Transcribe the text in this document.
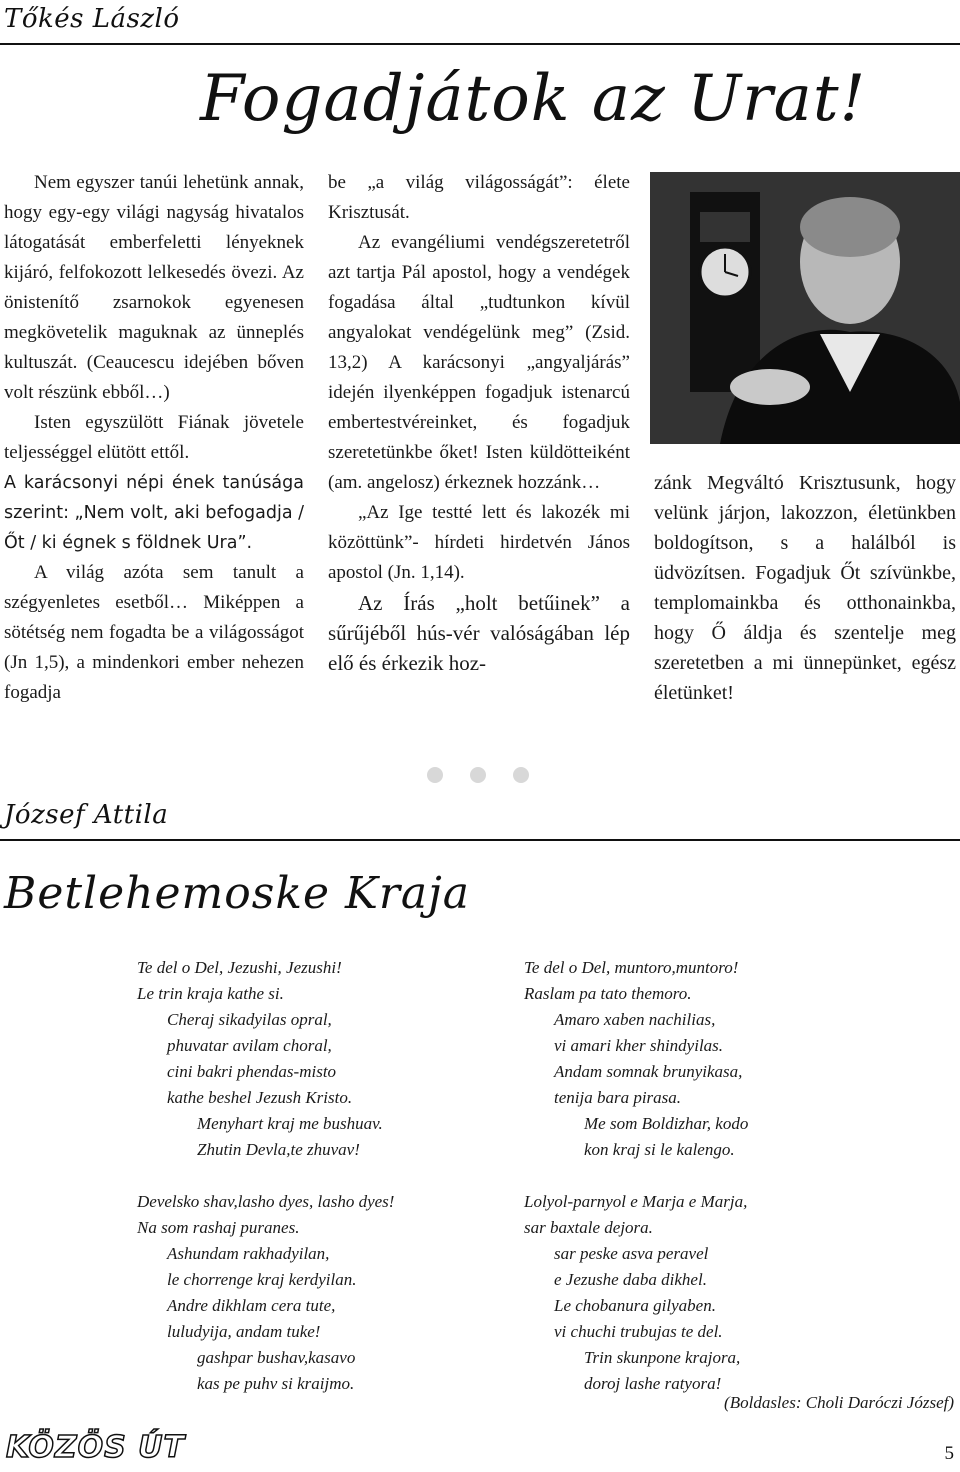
Tőkés László
Fogadjátok az Urat!

Nem egyszer tanúi lehetünk annak, hogy egy-egy világi nagyság hivatalos látogatását emberfeletti lényeknek kijáró, felfokozott lelkesedés övezi. Az önistenítő zsarnokok egyenesen megkövetelik maguknak az ünneplés kultuszát. (Ceaucescu idejében bőven volt részünk ebből…)

Isten egyszülött Fiának jövetele teljességgel elütött ettől.

A karácsonyi népi ének tanúsága szerint: „Nem volt, aki befogadja / Őt / ki égnek s földnek Ura”.

A világ azóta sem tanult a szégyenletes esetből… Miképpen a sötétség nem fogadta be a világosságot (Jn 1,5), a mindenkori ember nehezen fogadja

be „a világ világosságát”: élete Krisztusát.

Az evangéliumi vendégszeretetről azt tartja Pál apostol, hogy a vendégek fogadása által „tudtunkon kívül angyalokat vendégelünk meg” (Zsid. 13,2) A karácsonyi „angyaljárás” idején ilyenképpen fogadjuk istenarcú embertestvéreinket, és fogadjuk szeretetünkbe őket! Isten küldötteiként (am. angelosz) érkeznek hozzánk…

„Az Ige testté lett és lakozék mi közöttünk”- hírdeti hirdetvén János apostol (Jn. 1,14).

Az Írás „holt betűinek” a sűrűjéből hús-vér valóságában lép elő és érkezik hoz-

zánk Megváltó Krisztusunk, hogy velünk járjon, lakozzon, életünkben boldogítson, s a halálból is üdvözítsen. Fogadjuk Őt szívünkbe, templomainkba és otthonainkba, hogy Ő áldja és szentelje meg szeretetben a mi ünnepünket, egész életünket!

József Attila
Betlehemoske Kraja
Te del o Del, Jezushi, Jezushi!
Le trin kraja kathe si.
Cheraj sikadyilas opral,
phuvatar avilam choral,
cini bakri phendas-misto
kathe beshel Jezush Kristo.
Menyhart kraj me bushuav.
Zhutin Devla,te zhuvav!

Develsko shav,lasho dyes, lasho dyes!
Na som rashaj puranes.
Ashundam rakhadyilan,
le chorrenge kraj kerdyilan.
Andre dikhlam cera tute,
luludyija, andam tuke!
gashpar bushav,kasavo
kas pe puhv si kraijmo.
Te del o Del, muntoro,muntoro!
Raslam pa tato themoro.
Amaro xaben nachilias,
vi amari kher shindyilas.
Andam somnak brunyikasa,
tenija bara pirasa.
Me som Boldizhar, kodo
kon kraj si le kalengo.

Lolyol-parnyol e Marja e Marja,
sar baxtale dejora.
sar peske asva peravel
e Jezushe daba dikhel.
Le chobanura gilyaben.
vi chuchi trubujas te del.
Trin skunpone krajora,
doroj lashe ratyora!
(Boldasles: Choli Daróczi József)
KÖZÖS ÚT	5
